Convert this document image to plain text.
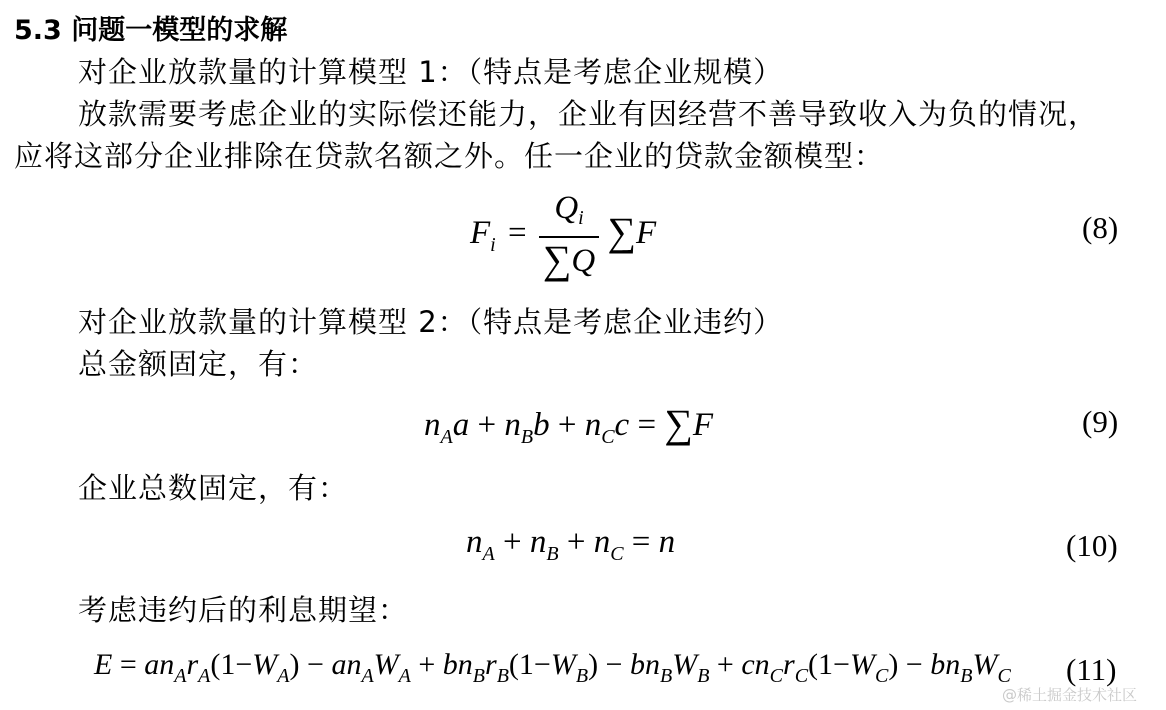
5.3 问题一模型的求解
对企业放款量的计算模型 1：（特点是考虑企业规模）
放款需要考虑企业的实际偿还能力，企业有因经营不善导致收入为负的情况，
应将这部分企业排除在贷款名额之外。任一企业的贷款金额模型：
$F_i = \frac{Q_i}{\sum Q} \sum F$	(8)
对企业放款量的计算模型 2：（特点是考虑企业违约）
总金额固定，有：
$n_Aa + n_Bb + n_Cc = \sum F$	(9)
企业总数固定，有：
$n_A + n_B + n_C = n$	(10)
考虑违约后的利息期望：
$E = an_Ar_A(1-W_A) - an_AW_A + bn_Br_B(1-W_B) - bn_BW_B + cn_Cr_C(1-W_C) - bn_BW_C$ (11)
@稀土掘金技术社区
